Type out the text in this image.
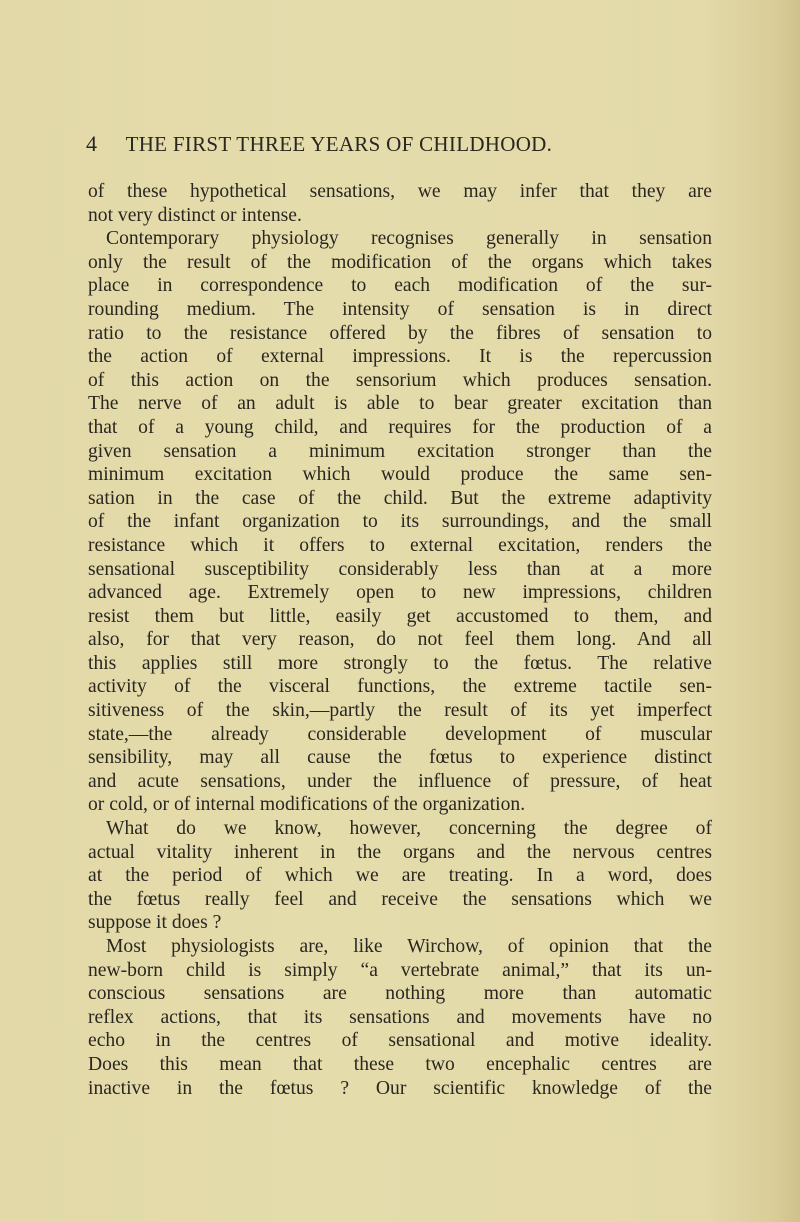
4 THE FIRST THREE YEARS OF CHILDHOOD.
of these hypothetical sensations, we may infer that they are
not very distinct or intense.
Contemporary physiology recognises generally in sensation
only the result of the modification of the organs which takes
place in correspondence to each modification of the sur-
rounding medium. The intensity of sensation is in direct
ratio to the resistance offered by the fibres of sensation to
the action of external impressions. It is the repercussion
of this action on the sensorium which produces sensation.
The nerve of an adult is able to bear greater excitation than
that of a young child, and requires for the production of a
given sensation a minimum excitation stronger than the
minimum excitation which would produce the same sen-
sation in the case of the child. But the extreme adaptivity
of the infant organization to its surroundings, and the small
resistance which it offers to external excitation, renders the
sensational susceptibility considerably less than at a more
advanced age. Extremely open to new impressions, children
resist them but little, easily get accustomed to them, and
also, for that very reason, do not feel them long. And all
this applies still more strongly to the fœtus. The relative
activity of the visceral functions, the extreme tactile sen-
sitiveness of the skin,—partly the result of its yet imperfect
state,—the already considerable development of muscular
sensibility, may all cause the fœtus to experience distinct
and acute sensations, under the influence of pressure, of heat
or cold, or of internal modifications of the organization.
What do we know, however, concerning the degree of
actual vitality inherent in the organs and the nervous centres
at the period of which we are treating. In a word, does
the fœtus really feel and receive the sensations which we
suppose it does ?
Most physiologists are, like Wirchow, of opinion that the
new-born child is simply “a vertebrate animal,” that its un-
conscious sensations are nothing more than automatic
reflex actions, that its sensations and movements have no
echo in the centres of sensational and motive ideality.
Does this mean that these two encephalic centres are
inactive in the fœtus ? Our scientific knowledge of the
